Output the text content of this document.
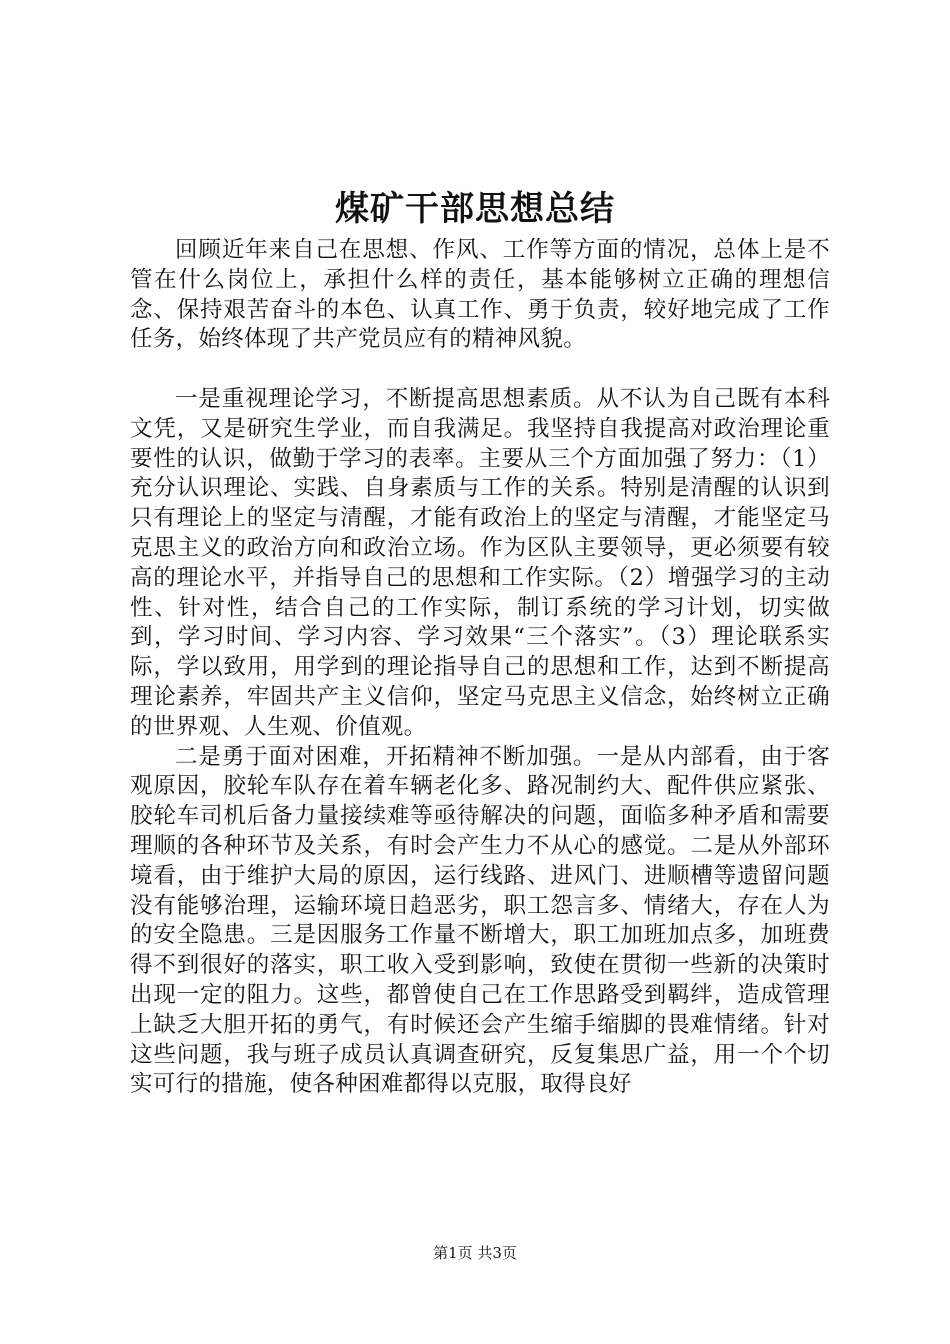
煤矿干部思想总结

回顾近年来自己在思想、作风、工作等方面的情况，总体上是不管在什么岗位上，承担什么样的责任，基本能够树立正确的理想信念、保持艰苦奋斗的本色、认真工作、勇于负责，较好地完成了工作任务，始终体现了共产党员应有的精神风貌。

一是重视理论学习，不断提高思想素质。从不认为自己既有本科文凭，又是研究生学业，而自我满足。我坚持自我提高对政治理论重要性的认识，做勤于学习的表率。主要从三个方面加强了努力：（1）充分认识理论、实践、自身素质与工作的关系。特别是清醒的认识到只有理论上的坚定与清醒，才能有政治上的坚定与清醒，才能坚定马克思主义的政治方向和政治立场。作为区队主要领导，更必须要有较高的理论水平，并指导自己的思想和工作实际。（2）增强学习的主动性、针对性，结合自己的工作实际，制订系统的学习计划，切实做到，学习时间、学习内容、学习效果“三个落实”。（3）理论联系实际，学以致用，用学到的理论指导自己的思想和工作，达到不断提高理论素养，牢固共产主义信仰，坚定马克思主义信念，始终树立正确的世界观、人生观、价值观。

二是勇于面对困难，开拓精神不断加强。一是从内部看，由于客观原因，胶轮车队存在着车辆老化多、路况制约大、配件供应紧张、胶轮车司机后备力量接续难等亟待解决的问题，面临多种矛盾和需要理顺的各种环节及关系，有时会产生力不从心的感觉。二是从外部环境看，由于维护大局的原因，运行线路、进风门、进顺槽等遗留问题没有能够治理，运输环境日趋恶劣，职工怨言多、情绪大，存在人为的安全隐患。三是因服务工作量不断增大，职工加班加点多，加班费得不到很好的落实，职工收入受到影响，致使在贯彻一些新的决策时出现一定的阻力。这些，都曾使自己在工作思路受到羁绊，造成管理上缺乏大胆开拓的勇气，有时候还会产生缩手缩脚的畏难情绪。针对这些问题，我与班子成员认真调查研究，反复集思广益，用一个个切实可行的措施，使各种困难都得以克服，取得良好

第1页 共3页
